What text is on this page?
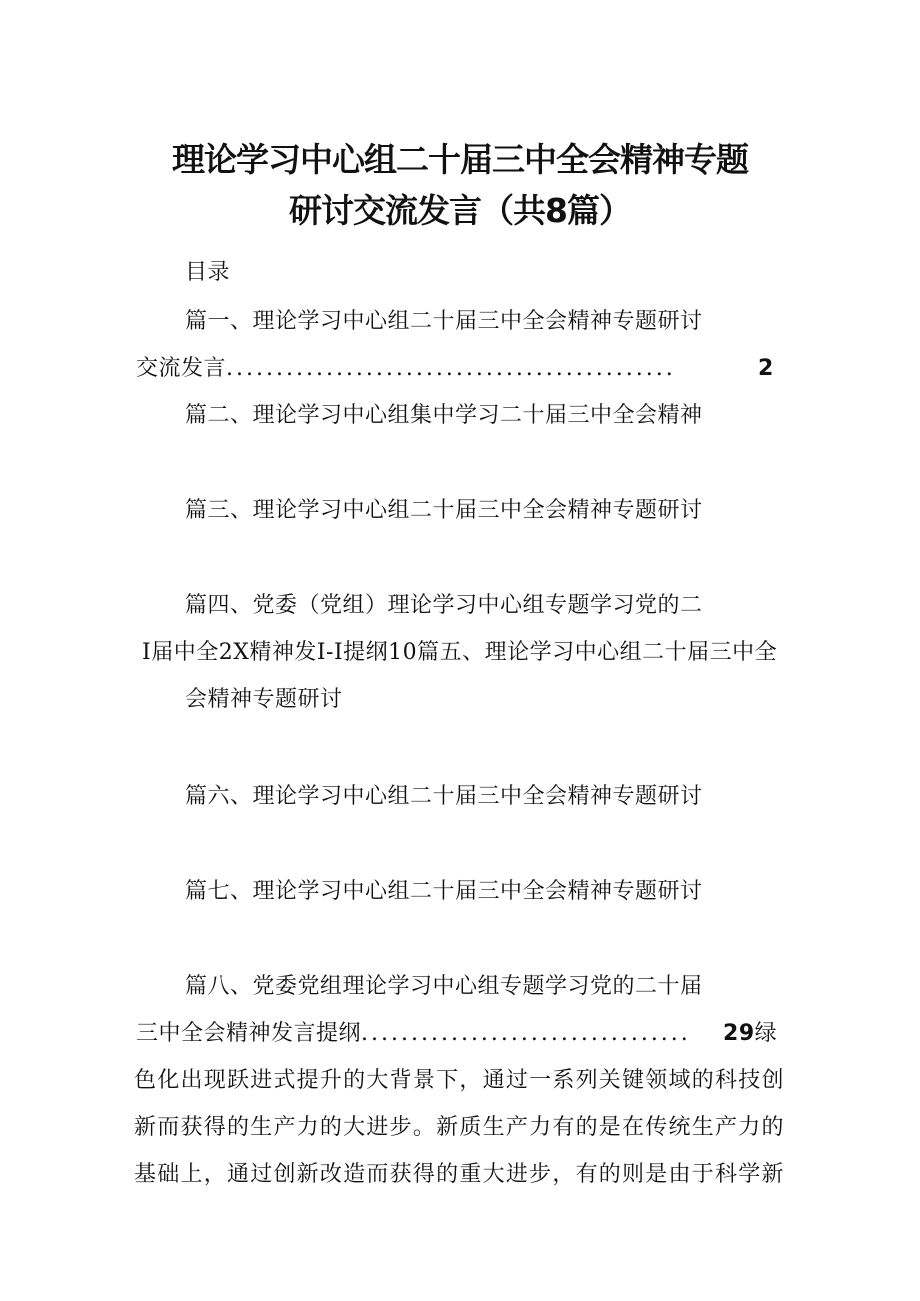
理论学习中心组二十届三中全会精神专题
研讨交流发言（共8篇）
目录
篇一、理论学习中心组二十届三中全会精神专题研讨
交流发言 .............................................	2
篇二、理论学习中心组集中学习二十届三中全会精神
篇三、理论学习中心组二十届三中全会精神专题研讨
篇四、党委（党组）理论学习中心组专题学习党的二
I届中全2X精神发I-I提纲10篇五、理论学习中心组二十届三中全
会精神专题研讨
篇六、理论学习中心组二十届三中全会精神专题研讨
篇七、理论学习中心组二十届三中全会精神专题研讨
篇八、党委党组理论学习中心组专题学习党的二十届
三中全会精神发言提纲 .................................	29 绿
色化出现跃进式提升的大背景下，通过一系列关键领域的科技创
新而获得的生产力的大进步。新质生产力有的是在传统生产力的
基础上，通过创新改造而获得的重大进步，有的则是由于科学新
